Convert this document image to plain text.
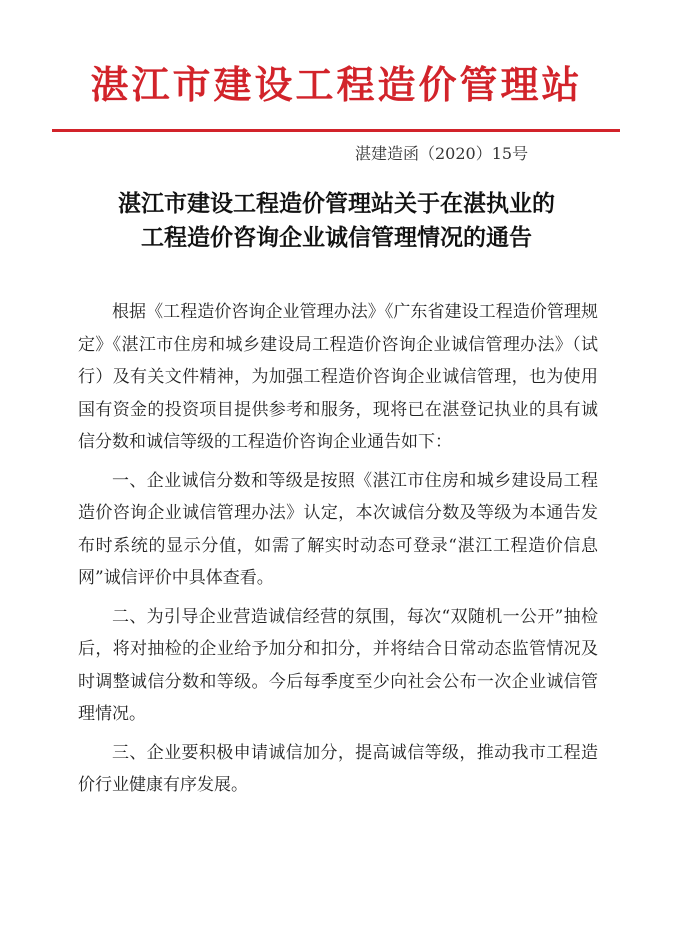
湛江市建设工程造价管理站
湛建造函（2020）15号
湛江市建设工程造价管理站关于在湛执业的
工程造价咨询企业诚信管理情况的通告

根据《工程造价咨询企业管理办法》《广东省建设工程造价管理规定》《湛江市住房和城乡建设局工程造价咨询企业诚信管理办法》（试行）及有关文件精神，为加强工程造价咨询企业诚信管理，也为使用国有资金的投资项目提供参考和服务，现将已在湛登记执业的具有诚信分数和诚信等级的工程造价咨询企业通告如下：

一、企业诚信分数和等级是按照《湛江市住房和城乡建设局工程造价咨询企业诚信管理办法》认定，本次诚信分数及等级为本通告发布时系统的显示分值，如需了解实时动态可登录“湛江工程造价信息网”诚信评价中具体查看。

二、为引导企业营造诚信经营的氛围，每次“双随机一公开”抽检后，将对抽检的企业给予加分和扣分，并将结合日常动态监管情况及时调整诚信分数和等级。今后每季度至少向社会公布一次企业诚信管理情况。

三、企业要积极申请诚信加分，提高诚信等级，推动我市工程造价行业健康有序发展。
